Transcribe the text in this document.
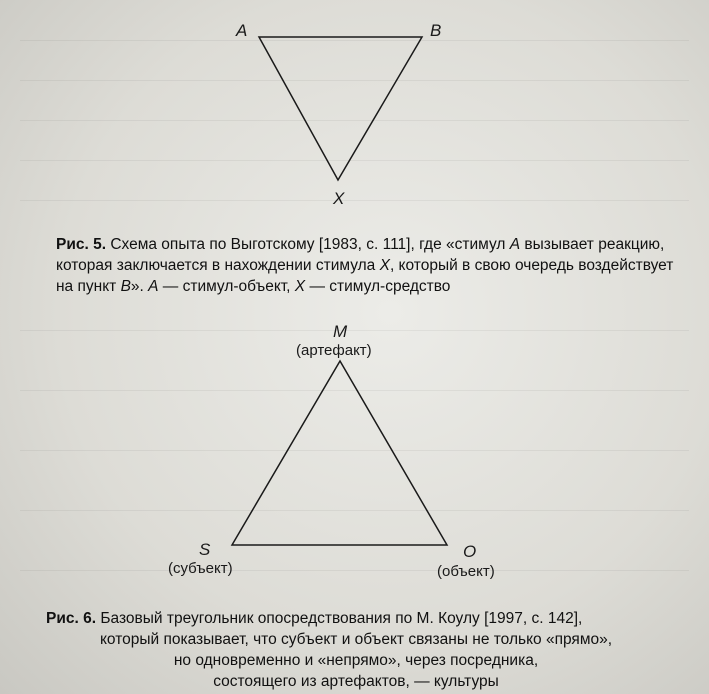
A	B
X
Рис. 5. Схема опыта по Выготскому [1983, с. 111], где «стимул A вызывает реакцию, которая заключается в нахождении стимула X, который в свою очередь воздействует на пункт B». A — стимул-объект, X — стимул-средство
M
(артефакт)
S
(субъект)
O
(объект)
Рис. 6. Базовый треугольник опосредствования по М. Коулу [1997, с. 142],
который показывает, что субъект и объект связаны не только «прямо»,
но одновременно и «непрямо», через посредника,
состоящего из артефактов, — культуры
